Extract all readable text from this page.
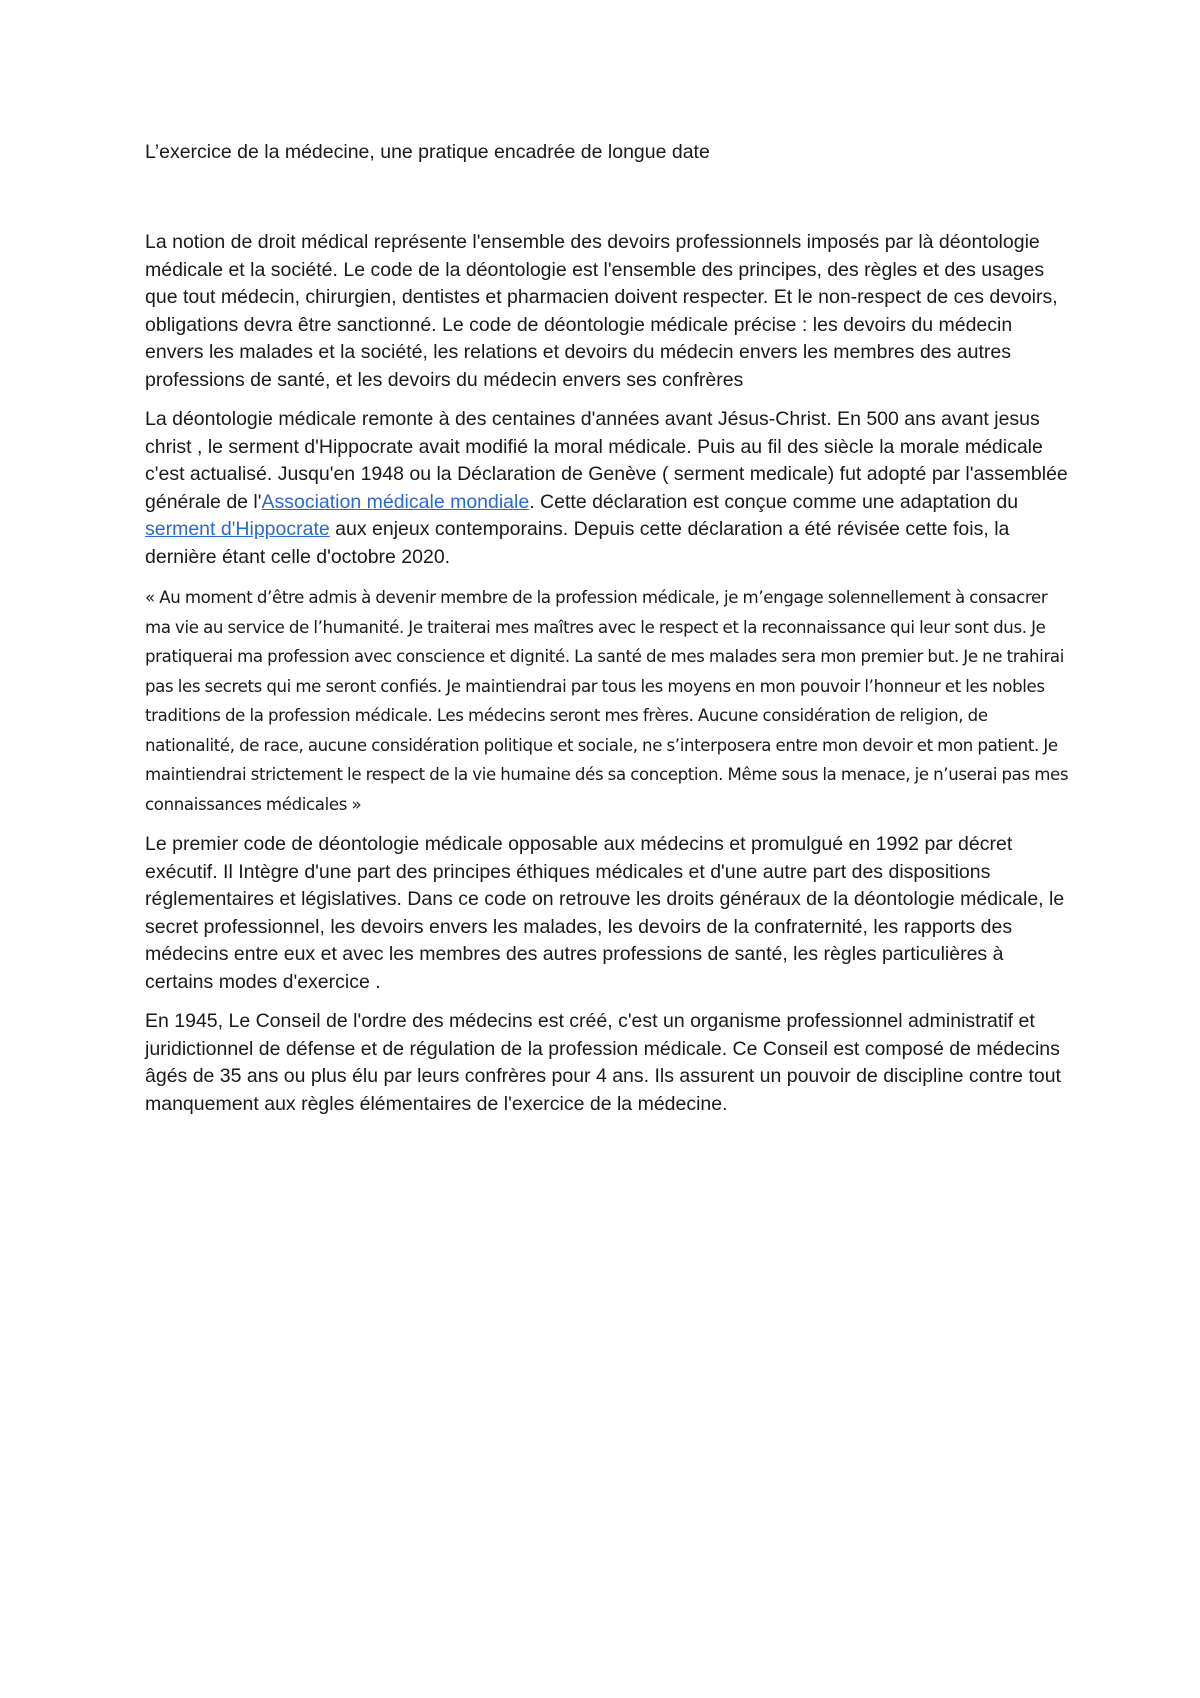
L’exercice de la médecine, une pratique encadrée de longue date

La notion de droit médical représente l'ensemble des devoirs professionnels imposés par là déontologie médicale et la société. Le code de la déontologie est l'ensemble des principes, des règles et des usages que tout médecin, chirurgien, dentistes et pharmacien doivent respecter. Et le non-respect de ces devoirs, obligations devra être sanctionné. Le code de déontologie médicale précise : les devoirs du médecin envers les malades et la société, les relations et devoirs du médecin envers les membres des autres professions de santé, et les devoirs du médecin envers ses confrères

La déontologie médicale remonte à des centaines d'années avant Jésus-Christ. En 500 ans avant jesus christ , le serment d'Hippocrate avait modifié la moral médicale. Puis au fil des siècle la morale médicale c'est actualisé. Jusqu'en 1948 ou la Déclaration de Genève ( serment medicale) fut adopté par l'assemblée générale de l'Association médicale mondiale. Cette déclaration est conçue comme une adaptation du serment d'Hippocrate aux enjeux contemporains. Depuis cette déclaration a été révisée cette fois, la dernière étant celle d'octobre 2020.

« Au moment d’être admis à devenir membre de la profession médicale, je m’engage solennellement à consacrer ma vie au service de l’humanité. Je traiterai mes maîtres avec le respect et la reconnaissance qui leur sont dus. Je pratiquerai ma profession avec conscience et dignité. La santé de mes malades sera mon premier but. Je ne trahirai pas les secrets qui me seront confiés. Je maintiendrai par tous les moyens en mon pouvoir l’honneur et les nobles traditions de la profession médicale. Les médecins seront mes frères. Aucune considération de religion, de nationalité, de race, aucune considération politique et sociale, ne s’interposera entre mon devoir et mon patient. Je maintiendrai strictement le respect de la vie humaine dés sa conception. Même sous la menace, je n’userai pas mes connaissances médicales »

Le premier code de déontologie médicale opposable aux médecins et promulgué en 1992 par décret exécutif. Il Intègre d'une part des principes éthiques médicales et d'une autre part des dispositions réglementaires et législatives. Dans ce code on retrouve les droits généraux de la déontologie médicale, le secret professionnel, les devoirs envers les malades, les devoirs de la confraternité, les rapports des médecins entre eux et avec les membres des autres professions de santé, les règles particulières à certains modes d'exercice .

En 1945, Le Conseil de l'ordre des médecins est créé, c'est un organisme professionnel administratif et juridictionnel de défense et de régulation de la profession médicale. Ce Conseil est composé de médecins âgés de 35 ans ou plus élu par leurs confrères pour 4 ans. Ils assurent un pouvoir de discipline contre tout manquement aux règles élémentaires de l'exercice de la médecine.
